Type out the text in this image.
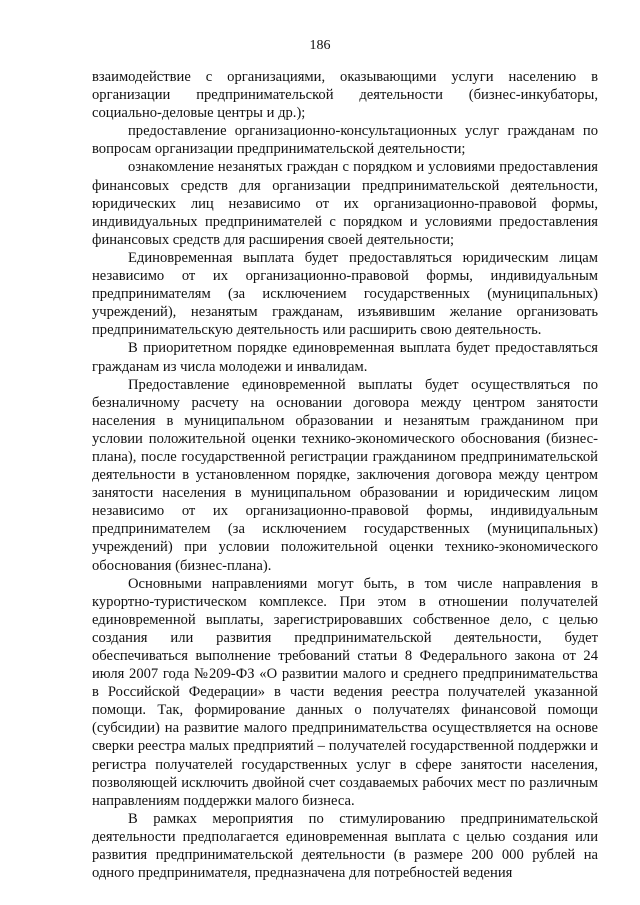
186

взаимодействие с организациями, оказывающими услуги населению в организации предпринимательской деятельности (бизнес-инкубаторы, социально-деловые центры и др.);

предоставление организационно-консультационных услуг гражданам по вопросам организации предпринимательской деятельности;

ознакомление незанятых граждан с порядком и условиями предоставления финансовых средств для организации предпринимательской деятельности, юридических лиц независимо от их организационно-правовой формы, индивидуальных предпринимателей с порядком и условиями предоставления финансовых средств для расширения своей деятельности;

Единовременная выплата будет предоставляться юридическим лицам независимо от их организационно-правовой формы, индивидуальным предпринимателям (за исключением государственных (муниципальных) учреждений), незанятым гражданам, изъявившим желание организовать предпринимательскую деятельность или расширить свою деятельность.

В приоритетном порядке единовременная выплата будет предоставляться гражданам из числа молодежи и инвалидам.

Предоставление единовременной выплаты будет осуществляться по безналичному расчету на основании договора между центром занятости населения в муниципальном образовании и незанятым гражданином при условии положительной оценки технико-экономического обоснования (бизнес-плана), после государственной регистрации гражданином предпринимательской деятельности в установленном порядке, заключения договора между центром занятости населения в муниципальном образовании и юридическим лицом независимо от их организационно-правовой формы, индивидуальным предпринимателем (за исключением государственных (муниципальных) учреждений) при условии положительной оценки технико-экономического обоснования (бизнес-плана).

Основными направлениями могут быть, в том числе направления в курортно-туристическом комплексе. При этом в отношении получателей единовременной выплаты, зарегистрировавших собственное дело, с целью создания или развития предпринимательской деятельности, будет обеспечиваться выполнение требований статьи 8 Федерального закона от 24 июля 2007 года №209-ФЗ «О развитии малого и среднего предпринимательства в Российской Федерации» в части ведения реестра получателей указанной помощи. Так, формирование данных о получателях финансовой помощи (субсидии) на развитие малого предпринимательства осуществляется на основе сверки реестра малых предприятий – получателей государственной поддержки и регистра получателей государственных услуг в сфере занятости населения, позволяющей исключить двойной счет создаваемых рабочих мест по различным направлениям поддержки малого бизнеса.

В рамках мероприятия по стимулированию предпринимательской деятельности предполагается единовременная выплата с целью создания или развития предпринимательской деятельности (в размере 200 000 рублей на одного предпринимателя, предназначена для потребностей ведения
